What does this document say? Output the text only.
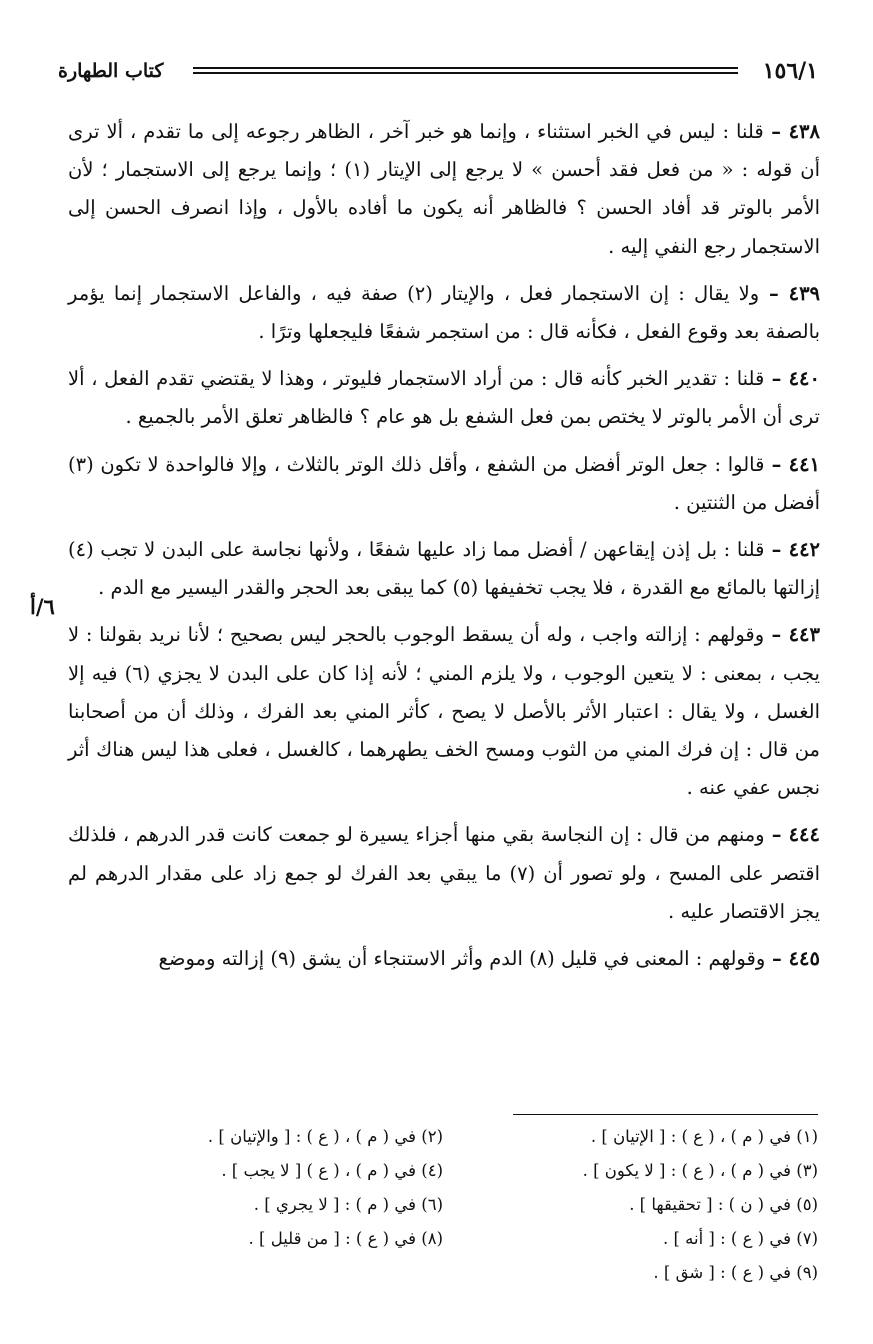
١٥٦/١
كتاب الطهارة
٦/أ

٤٣٨ – قلنا : ليس في الخبر استثناء ، وإنما هو خبر آخر ، الظاهر رجوعه إلى ما تقدم ، ألا ترى أن قوله : « من فعل فقد أحسن » لا يرجع إلى الإيتار (١) ؛ وإنما يرجع إلى الاستجمار ؛ لأن الأمر بالوتر قد أفاد الحسن ؟ فالظاهر أنه يكون ما أفاده بالأول ، وإذا انصرف الحسن إلى الاستجمار رجع النفي إليه .

٤٣٩ – ولا يقال : إن الاستجمار فعل ، والإيتار (٢) صفة فيه ، والفاعل الاستجمار إنما يؤمر بالصفة بعد وقوع الفعل ، فكأنه قال : من استجمر شفعًا فليجعلها وترًا .

٤٤٠ – قلنا : تقدير الخبر كأنه قال : من أراد الاستجمار فليوتر ، وهذا لا يقتضي تقدم الفعل ، ألا ترى أن الأمر بالوتر لا يختص بمن فعل الشفع بل هو عام ؟ فالظاهر تعلق الأمر بالجميع .

٤٤١ – قالوا : جعل الوتر أفضل من الشفع ، وأقل ذلك الوتر بالثلاث ، وإلا فالواحدة لا تكون (٣) أفضل من الثنتين .

٤٤٢ – قلنا : بل إذن إيقاعهن / أفضل مما زاد عليها شفعًا ، ولأنها نجاسة على البدن لا تجب (٤) إزالتها بالمائع مع القدرة ، فلا يجب تخفيفها (٥) كما يبقى بعد الحجر والقدر اليسير مع الدم .

٤٤٣ – وقولهم : إزالته واجب ، وله أن يسقط الوجوب بالحجر ليس بصحيح ؛ لأنا نريد بقولنا : لا يجب ، بمعنى : لا يتعين الوجوب ، ولا يلزم المني ؛ لأنه إذا كان على البدن لا يجزي (٦) فيه إلا الغسل ، ولا يقال : اعتبار الأثر بالأصل لا يصح ، كأثر المني بعد الفرك ، وذلك أن من أصحابنا من قال : إن فرك المني من الثوب ومسح الخف يطهرهما ، كالغسل ، فعلى هذا ليس هناك أثر نجس عفي عنه .

٤٤٤ – ومنهم من قال : إن النجاسة بقي منها أجزاء يسيرة لو جمعت كانت قدر الدرهم ، فلذلك اقتصر على المسح ، ولو تصور أن (٧) ما يبقي بعد الفرك لو جمع زاد على مقدار الدرهم لم يجز الاقتصار عليه .

٤٤٥ – وقولهم : المعنى في قليل (٨) الدم وأثر الاستنجاء أن يشق (٩) إزالته وموضع

(١) في ( م ) ، ( ع ) : [ الإتيان ] .
(٢) في ( م ) ، ( ع ) : [ والإتيان ] .
(٣) في ( م ) ، ( ع ) : [ لا يكون ] .
(٤) في ( م ) ، ( ع ) [ لا يجب ] .
(٥) في ( ن ) : [ تحقيقها ] .
(٦) في ( م ) : [ لا يجري ] .
(٧) في ( ع ) : [ أنه ] .
(٨) في ( ع ) : [ من قليل ] .
(٩) في ( ع ) : [ شق ] .
